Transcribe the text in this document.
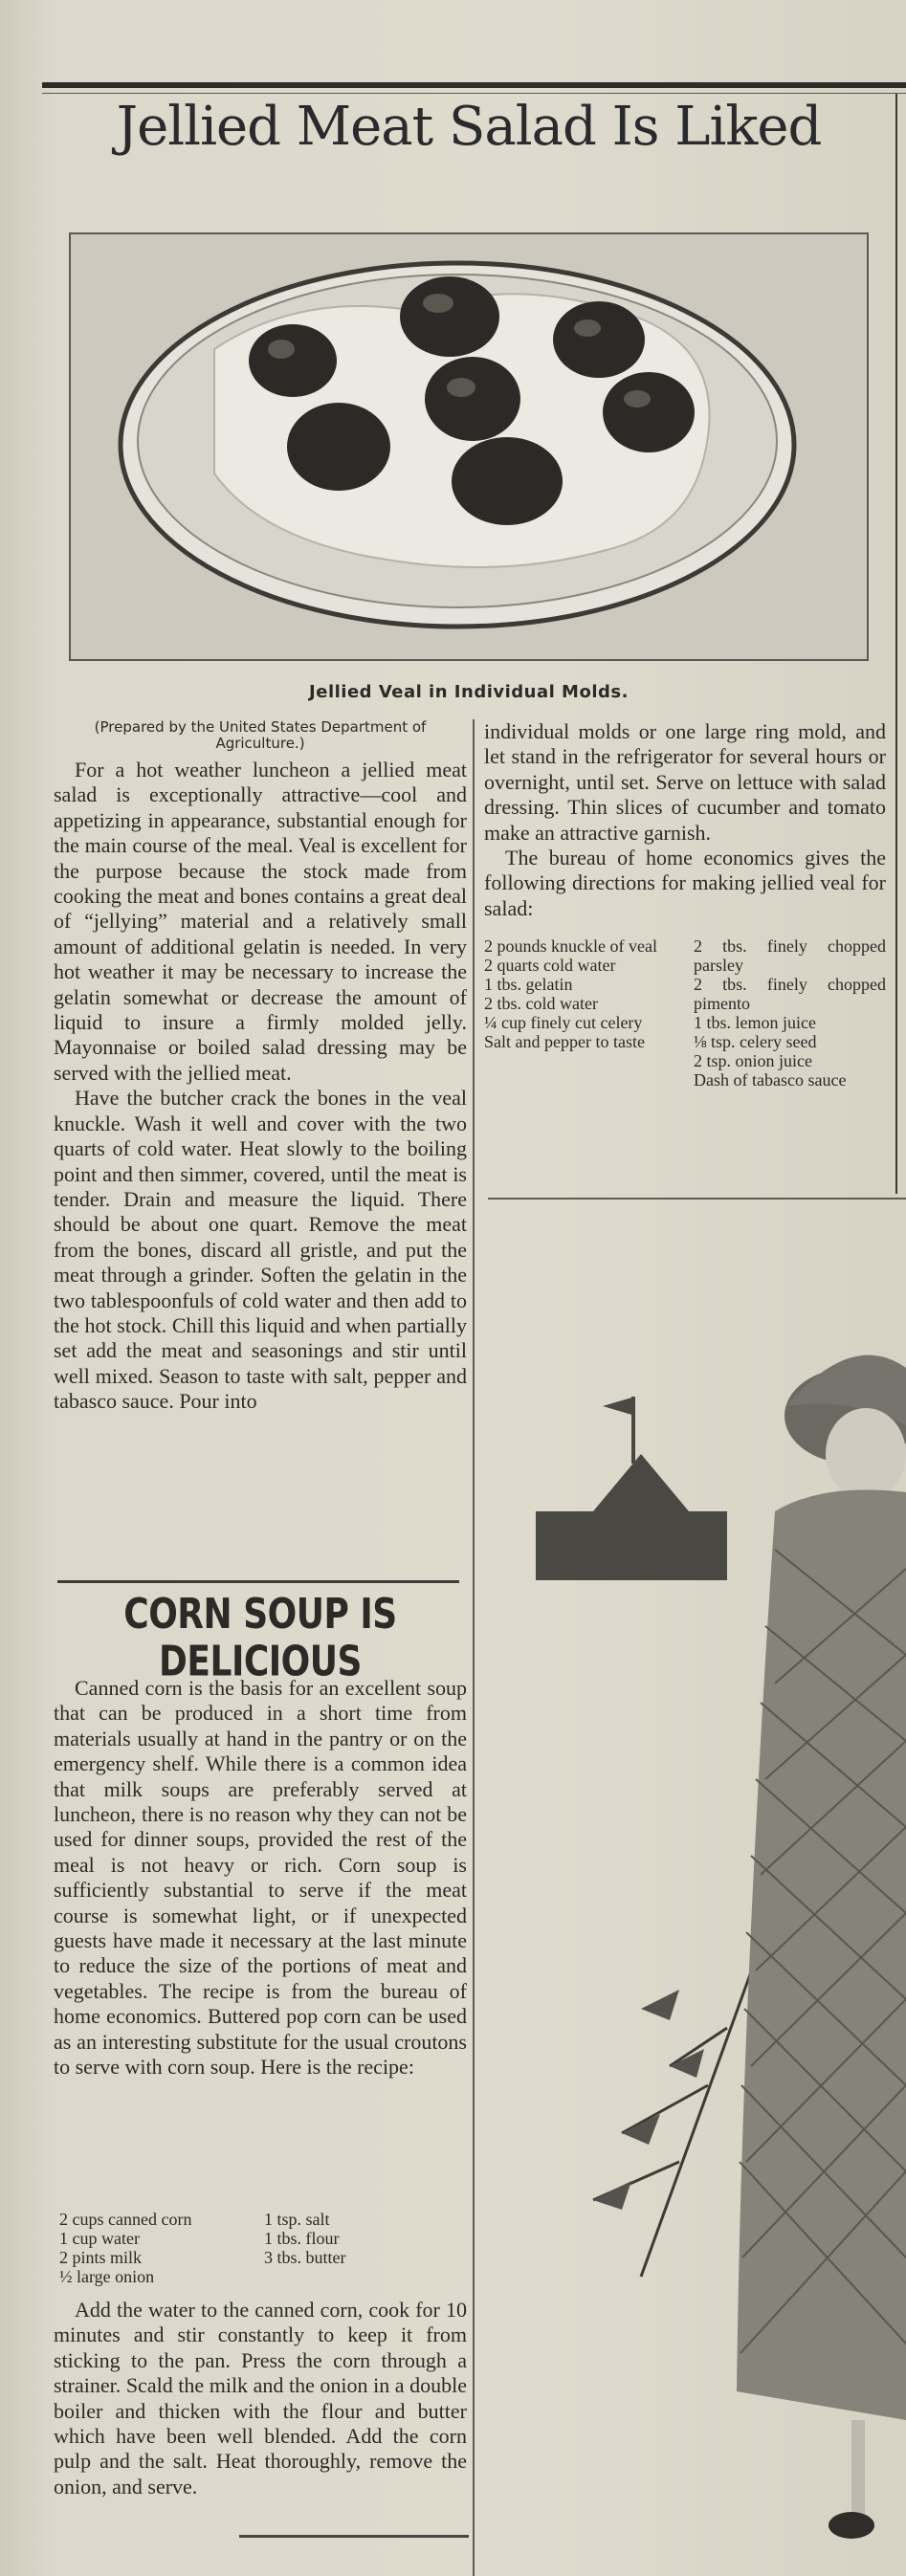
Jellied Meat Salad Is Liked
Jellied Veal in Individual Molds.

(Prepared by the United States Department of Agriculture.)

For a hot weather luncheon a jellied meat salad is exceptionally attractive—cool and appetizing in appearance, substantial enough for the main course of the meal. Veal is excellent for the purpose because the stock made from cooking the meat and bones contains a great deal of “jellying” material and a relatively small amount of additional gelatin is needed. In very hot weather it may be necessary to increase the gelatin somewhat or decrease the amount of liquid to insure a firmly molded jelly. Mayonnaise or boiled salad dressing may be served with the jellied meat.

Have the butcher crack the bones in the veal knuckle. Wash it well and cover with the two quarts of cold water. Heat slowly to the boiling point and then simmer, covered, until the meat is tender. Drain and measure the liquid. There should be about one quart. Remove the meat from the bones, discard all gristle, and put the meat through a grinder. Soften the gelatin in the two tablespoonfuls of cold water and then add to the hot stock. Chill this liquid and when partially set add the meat and seasonings and stir until well mixed. Season to taste with salt, pepper and tabasco sauce. Pour into

individual molds or one large ring mold, and let stand in the refrigerator for several hours or overnight, until set. Serve on lettuce with salad dressing. Thin slices of cucumber and tomato make an attractive garnish.

The bureau of home economics gives the following directions for making jellied veal for salad:

2 pounds knuckle of veal
2 quarts cold water
1 tbs. gelatin
2 tbs. cold water
¼ cup finely cut celery
Salt and pepper to taste
2 tbs. finely chopped parsley
2 tbs. finely chopped pimento
1 tbs. lemon juice
⅛ tsp. celery seed
2 tsp. onion juice
Dash of tabasco sauce
CORN SOUP IS DELICIOUS

Canned corn is the basis for an excellent soup that can be produced in a short time from materials usually at hand in the pantry or on the emergency shelf. While there is a common idea that milk soups are preferably served at luncheon, there is no reason why they can not be used for dinner soups, provided the rest of the meal is not heavy or rich. Corn soup is sufficiently substantial to serve if the meat course is somewhat light, or if unexpected guests have made it necessary at the last minute to reduce the size of the portions of meat and vegetables. The recipe is from the bureau of home economics. Buttered pop corn can be used as an interesting substitute for the usual croutons to serve with corn soup. Here is the recipe:

2 cups canned corn
1 cup water
2 pints milk
½ large onion
1 tsp. salt
1 tbs. flour
3 tbs. butter

Add the water to the canned corn, cook for 10 minutes and stir constantly to keep it from sticking to the pan. Press the corn through a strainer. Scald the milk and the onion in a double boiler and thicken with the flour and butter which have been well blended. Add the corn pulp and the salt. Heat thoroughly, remove the onion, and serve.
